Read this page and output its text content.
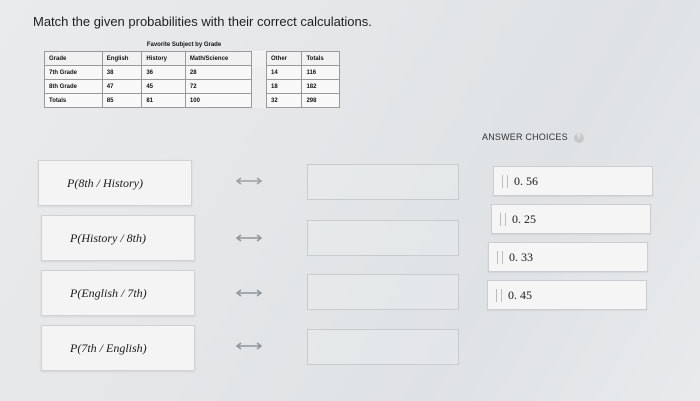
Match the given probabilities with their correct calculations.
Favorite Subject by Grade
Grade	English	History	Math/Science		Other	Totals
7th Grade	38	36	28		14	116
8th Grade	47	45	72		18	182
Totals	85	81	100		32	298
ANSWER CHOICES ?
P(8th / History)
P(History / 8th)
P(English / 7th)
P(7th / English)
0. 56
0. 25
0. 33
0. 45
